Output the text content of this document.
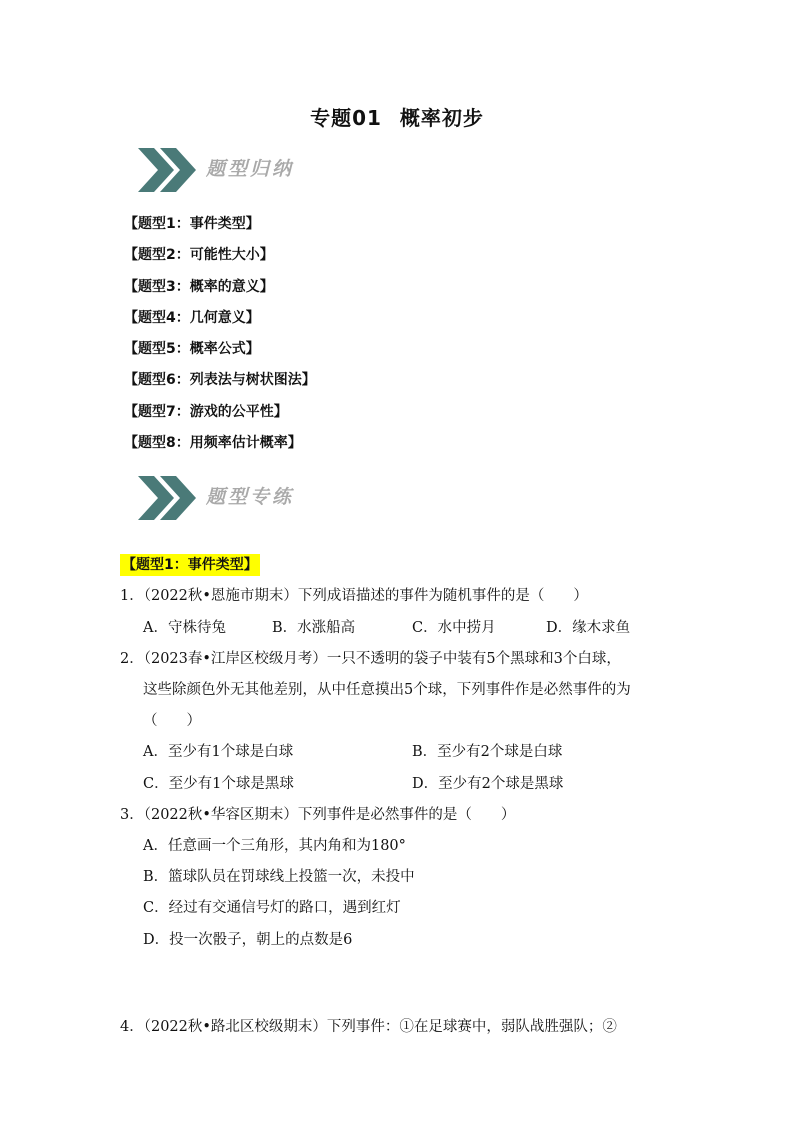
专题01 概率初步
题型归纳
【题型1：事件类型】
【题型2：可能性大小】
【题型3：概率的意义】
【题型4：几何意义】
【题型5：概率公式】
【题型6：列表法与树状图法】
【题型7：游戏的公平性】
【题型8：用频率估计概率】
题型专练
【题型1：事件类型】
1．（2022秋•恩施市期末）下列成语描述的事件为随机事件的是（　　）
A．守株待兔	B．水涨船高	C．水中捞月	D．缘木求鱼
2．（2023春•江岸区校级月考）一只不透明的袋子中装有5个黑球和3个白球，
这些除颜色外无其他差别，从中任意摸出5个球，下列事件作是必然事件的为
（　　）
A．至少有1个球是白球	B．至少有2个球是白球
C．至少有1个球是黑球	D．至少有2个球是黑球
3．（2022秋•华容区期末）下列事件是必然事件的是（　　）
A．任意画一个三角形，其内角和为180°
B．篮球队员在罚球线上投篮一次，未投中
C．经过有交通信号灯的路口，遇到红灯
D．投一次骰子，朝上的点数是6
4．（2022秋•路北区校级期末）下列事件：①在足球赛中，弱队战胜强队；②
